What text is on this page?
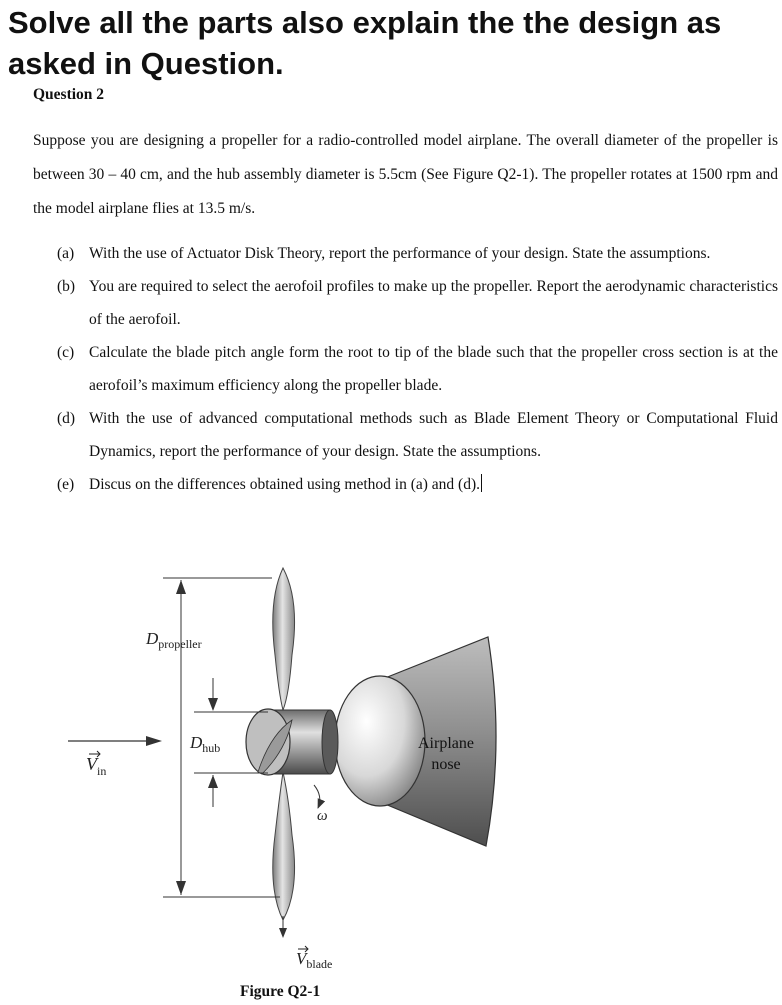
Solve all the parts also explain the the design as asked in Question.
Question 2
Suppose you are designing a propeller for a radio-controlled model airplane. The overall diameter of the propeller is between 30 – 40 cm, and the hub assembly diameter is 5.5cm (See Figure Q2-1). The propeller rotates at 1500 rpm and the model airplane flies at 13.5 m/s.
(a) With the use of Actuator Disk Theory, report the performance of your design. State the assumptions.
(b) You are required to select the aerofoil profiles to make up the propeller. Report the aerodynamic characteristics of the aerofoil.
(c) Calculate the blade pitch angle form the root to tip of the blade such that the propeller cross section is at the aerofoil’s maximum efficiency along the propeller blade.
(d) With the use of advanced computational methods such as Blade Element Theory or Computational Fluid Dynamics, report the performance of your design. State the assumptions.
(e) Discus on the differences obtained using method in (a) and (d).
$D_{propeller}$
$D_{hub}$
$V_{in}$
ω
$V_{blade}$
Airplane
nose
Figure Q2-1
